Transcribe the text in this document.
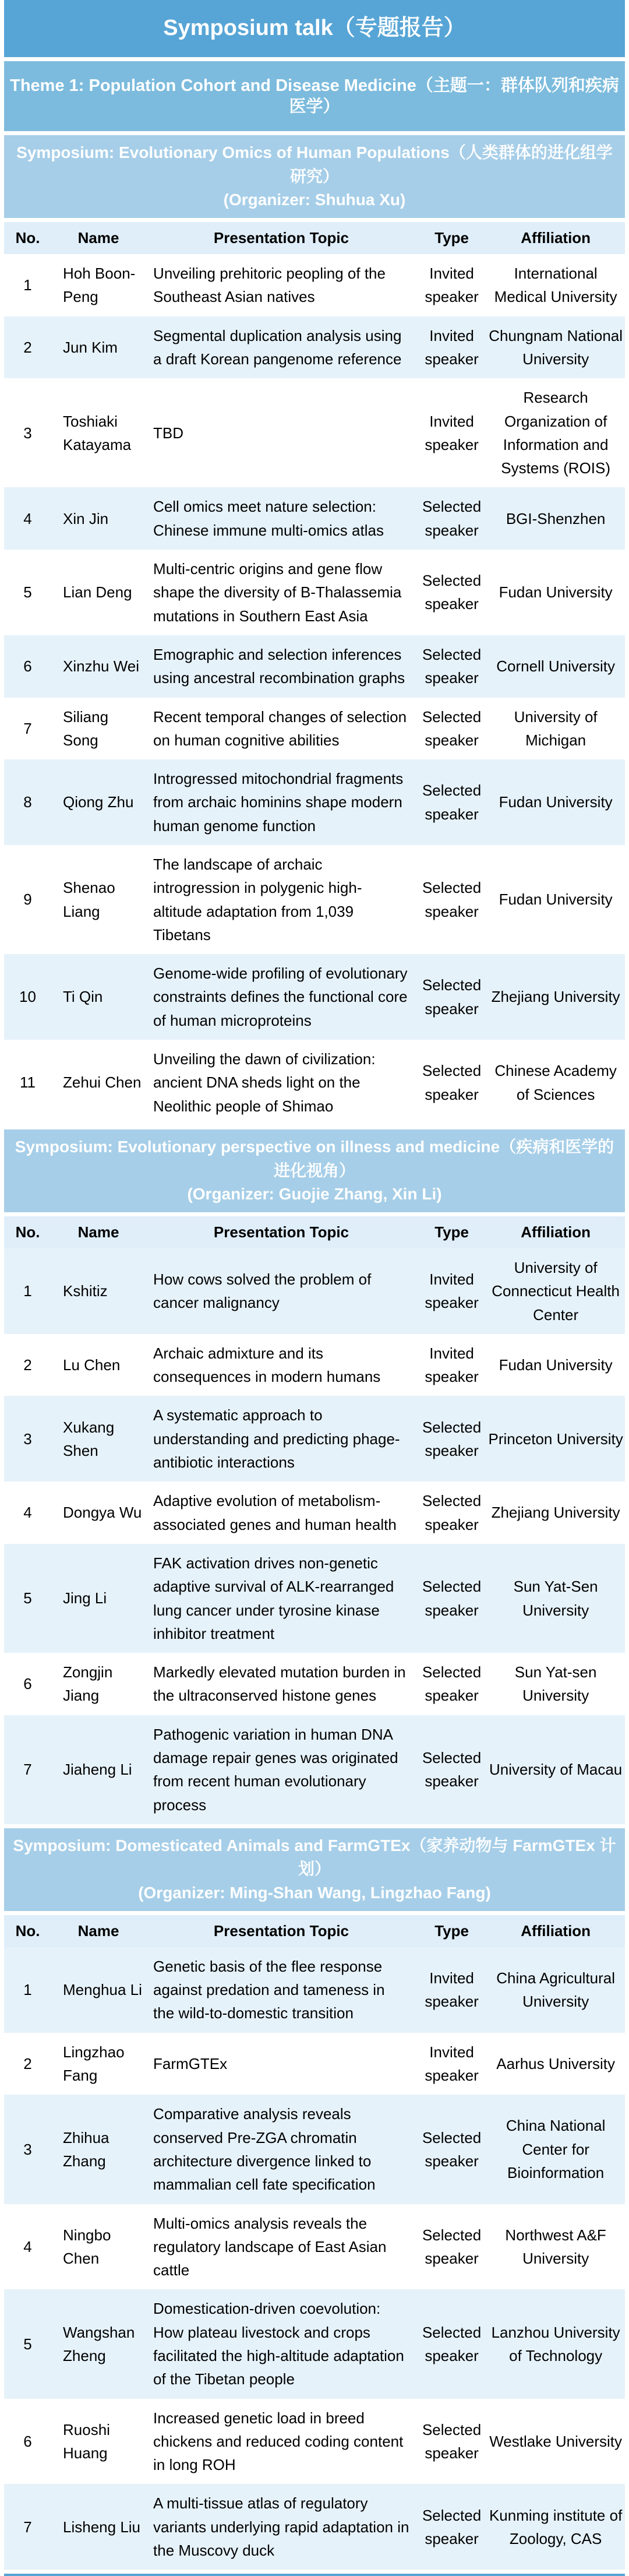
Symposium talk（专题报告）
Theme 1: Population Cohort and Disease Medicine（主题一：群体队列和疾病医学）
Symposium: Evolutionary Omics of Human Populations（人类群体的进化组学研究）
(Organizer: Shuhua Xu)
No.	Name	Presentation Topic	Type	Affiliation
1	Hoh Boon-Peng	Unveiling prehitoric peopling of the Southeast Asian natives	Invited speaker	International Medical University
2	Jun Kim	Segmental duplication analysis using a draft Korean pangenome reference	Invited speaker	Chungnam National University
3	Toshiaki Katayama	TBD	Invited speaker	Research Organization of Information and Systems (ROIS)
4	Xin Jin	Cell omics meet nature selection: Chinese immune multi-omics atlas	Selected speaker	BGI-Shenzhen
5	Lian Deng	Multi-centric origins and gene flow shape the diversity of B-Thalassemia mutations in Southern East Asia	Selected speaker	Fudan University
6	Xinzhu Wei	Emographic and selection inferences using ancestral recombination graphs	Selected speaker	Cornell University
7	Siliang Song	Recent temporal changes of selection on human cognitive abilities	Selected speaker	University of Michigan
8	Qiong Zhu	Introgressed mitochondrial fragments from archaic hominins shape modern human genome function	Selected speaker	Fudan University
9	Shenao Liang	The landscape of archaic introgression in polygenic high-altitude adaptation from 1,039 Tibetans	Selected speaker	Fudan University
10	Ti Qin	Genome-wide profiling of evolutionary constraints defines the functional core of human microproteins	Selected speaker	Zhejiang University
11	Zehui Chen	Unveiling the dawn of civilization: ancient DNA sheds light on the Neolithic people of Shimao	Selected speaker	Chinese Academy of Sciences
Symposium: Evolutionary perspective on illness and medicine（疾病和医学的进化视角）
(Organizer: Guojie Zhang, Xin Li)
No.	Name	Presentation Topic	Type	Affiliation
1	Kshitiz	How cows solved the problem of cancer malignancy	Invited speaker	University of Connecticut Health Center
2	Lu Chen	Archaic admixture and its consequences in modern humans	Invited speaker	Fudan University
3	Xukang Shen	A systematic approach to understanding and predicting phage-antibiotic interactions	Selected speaker	Princeton University
4	Dongya Wu	Adaptive evolution of metabolism-associated genes and human health	Selected speaker	Zhejiang University
5	Jing Li	FAK activation drives non-genetic adaptive survival of ALK-rearranged lung cancer under tyrosine kinase inhibitor treatment	Selected speaker	Sun Yat-Sen University
6	Zongjin Jiang	Markedly elevated mutation burden in the ultraconserved histone genes	Selected speaker	Sun Yat-sen University
7	Jiaheng Li	Pathogenic variation in human DNA damage repair genes was originated from recent human evolutionary process	Selected speaker	University of Macau
Symposium: Domesticated Animals and FarmGTEx（家养动物与 FarmGTEx 计划）
(Organizer: Ming-Shan Wang, Lingzhao Fang)
No.	Name	Presentation Topic	Type	Affiliation
1	Menghua Li	Genetic basis of the flee response against predation and tameness in the wild-to-domestic transition	Invited speaker	China Agricultural University
2	Lingzhao Fang	FarmGTEx	Invited speaker	Aarhus University
3	Zhihua Zhang	Comparative analysis reveals conserved Pre-ZGA chromatin architecture divergence linked to mammalian cell fate specification	Selected speaker	China National Center for Bioinformation
4	Ningbo Chen	Multi-omics analysis reveals the regulatory landscape of East Asian cattle	Selected speaker	Northwest A&F University
5	Wangshan Zheng	Domestication-driven coevolution: How plateau livestock and crops facilitated the high-altitude adaptation of the Tibetan people	Selected speaker	Lanzhou University of Technology
6	Ruoshi Huang	Increased genetic load in breed chickens and reduced coding content in long ROH	Selected speaker	Westlake University
7	Lisheng Liu	A multi-tissue atlas of regulatory variants underlying rapid adaptation in the Muscovy duck	Selected speaker	Kunming institute of Zoology, CAS
